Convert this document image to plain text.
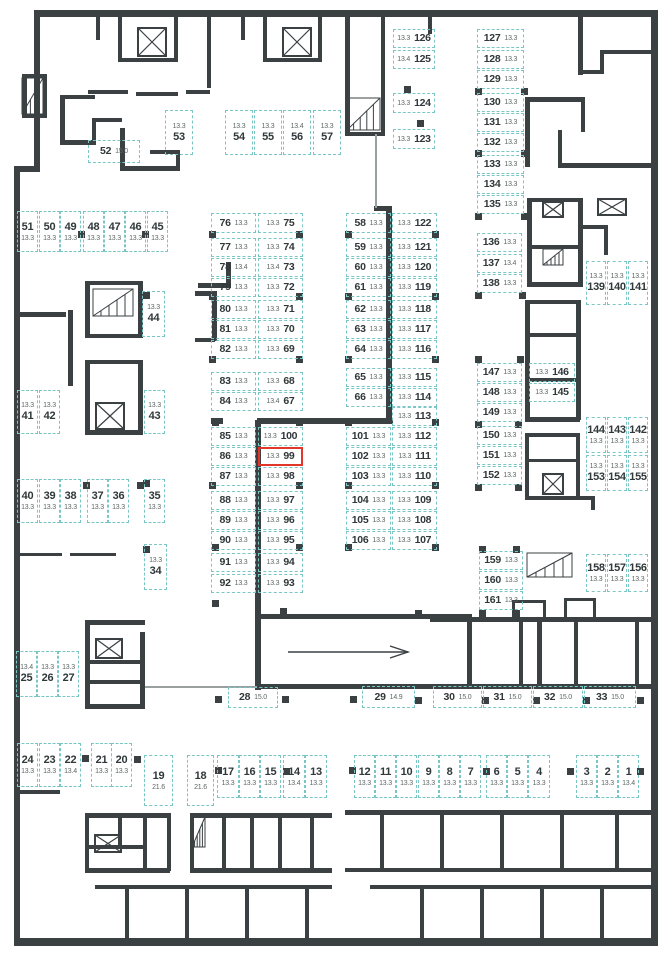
52 15.0
13.3
53
13.3
54
13.3
55
13.4
56
13.3
57
51
13.3
50
13.3
49
13.3
48
13.3
47
13.3
46
13.3
45
13.3
13.3
44
13.3
41
13.3
42
13.3
43
40
13.3
39
13.3
38
13.3
37
13.3
36
13.3
35
13.3
13.3
34
13.4
25
13.3
26
13.3
27
24
13.3
23
13.3
22
13.4
21
13.3
20
13.3 19
21.6
18
21.6
17
13.3
16
13.3
15
13.3
14
13.4
13
13.3
28 15.0	29 14.9	30 15.0 31 15.0 32 15.0 33 15.0
12
13.3
11
13.3
10
13.3
9
13.3
8
13.3
7
13.3
6
13.3
5
13.3
4
13.3
3
13.3
2
13.3
1
13.4
76 13.3	13.3 75
77 13.3	13.3 74
78 13.4	13.4 73
79 13.3	13.3 72
80 13.3	13.3 71
81 13.3	13.3 70
82 13.3	13.3 69
83 13.3	13.3 68
84 13.3	13.4 67
85 13.3 13.3 100
86 13.3	13.3 99
87 13.3	13.3 98
88 13.3	13.3 97
89 13.3	13.3 96
90 13.3	13.3 95
91 13.3	13.3 94
92 13.3	13.3 93
58 13.3 13.3 122
59 13.3 13.3 121
60 13.3 13.3 120
61 13.3 13.3 119
62 13.3 13.3 118
63 13.3 13.3 117
64 13.3 13.3 116
65 13.3 13.3 115
66 13.3 13.3 114
13.3 113
101 13.3 13.3 112
102 13.3 13.3 111
103 13.3 13.3 110
104 13.3 13.3 109
105 13.3 13.3 108
106 13.3 13.3 107
13.3 126
13.4 125
13.3 124
13.3 123
127 13.3
128 13.3
129 13.3
130 13.3
131 13.3
132 13.3
133 13.3
134 13.3
135 13.3
136 13.3
137 13.4
138 13.3
13.3
139
13.3
140
13.3
141
147 13.3
148 13.3
149 13.3
150 13.3
151 13.3
152 13.3
13.3 146
13.3 145
144
13.3
143
13.3
142
13.3
13.3
153
13.3
154
13.3
155
159 13.3
160 13.3
161 13.3
158
13.3
157
13.3
156
13.3
